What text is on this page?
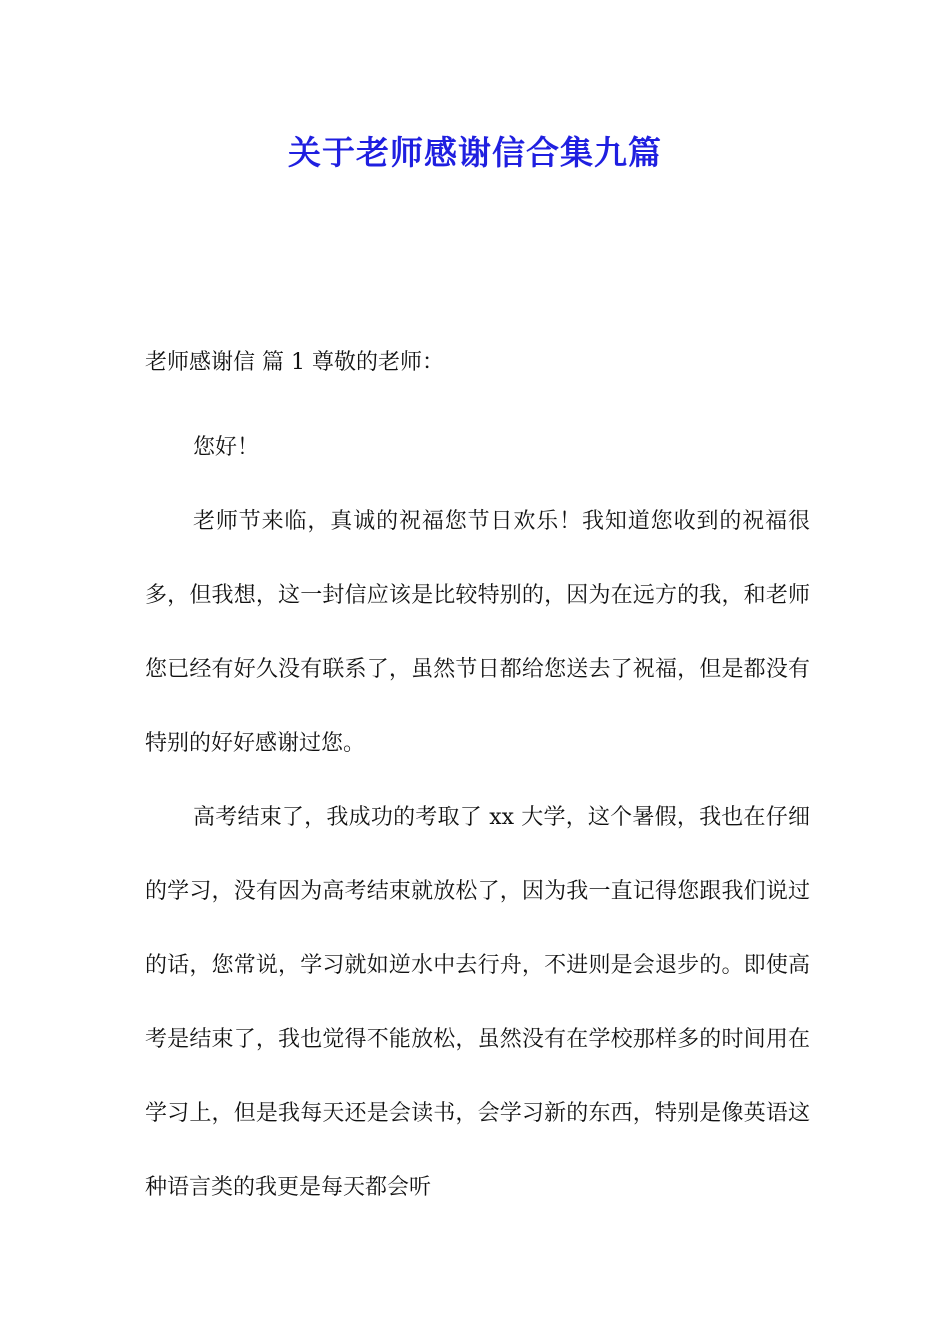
关于老师感谢信合集九篇

老师感谢信 篇 1 尊敬的老师：

您好！

老师节来临，真诚的祝福您节日欢乐！我知道您收到的祝福很多，但我想，这一封信应该是比较特别的，因为在远方的我，和老师您已经有好久没有联系了，虽然节日都给您送去了祝福，但是都没有特别的好好感谢过您。

高考结束了，我成功的考取了 xx 大学，这个暑假，我也在仔细的学习，没有因为高考结束就放松了，因为我一直记得您跟我们说过的话，您常说，学习就如逆水中去行舟，不进则是会退步的。即使高考是结束了，我也觉得不能放松，虽然没有在学校那样多的时间用在学习上，但是我每天还是会读书，会学习新的东西，特别是像英语这种语言类的我更是每天都会听
